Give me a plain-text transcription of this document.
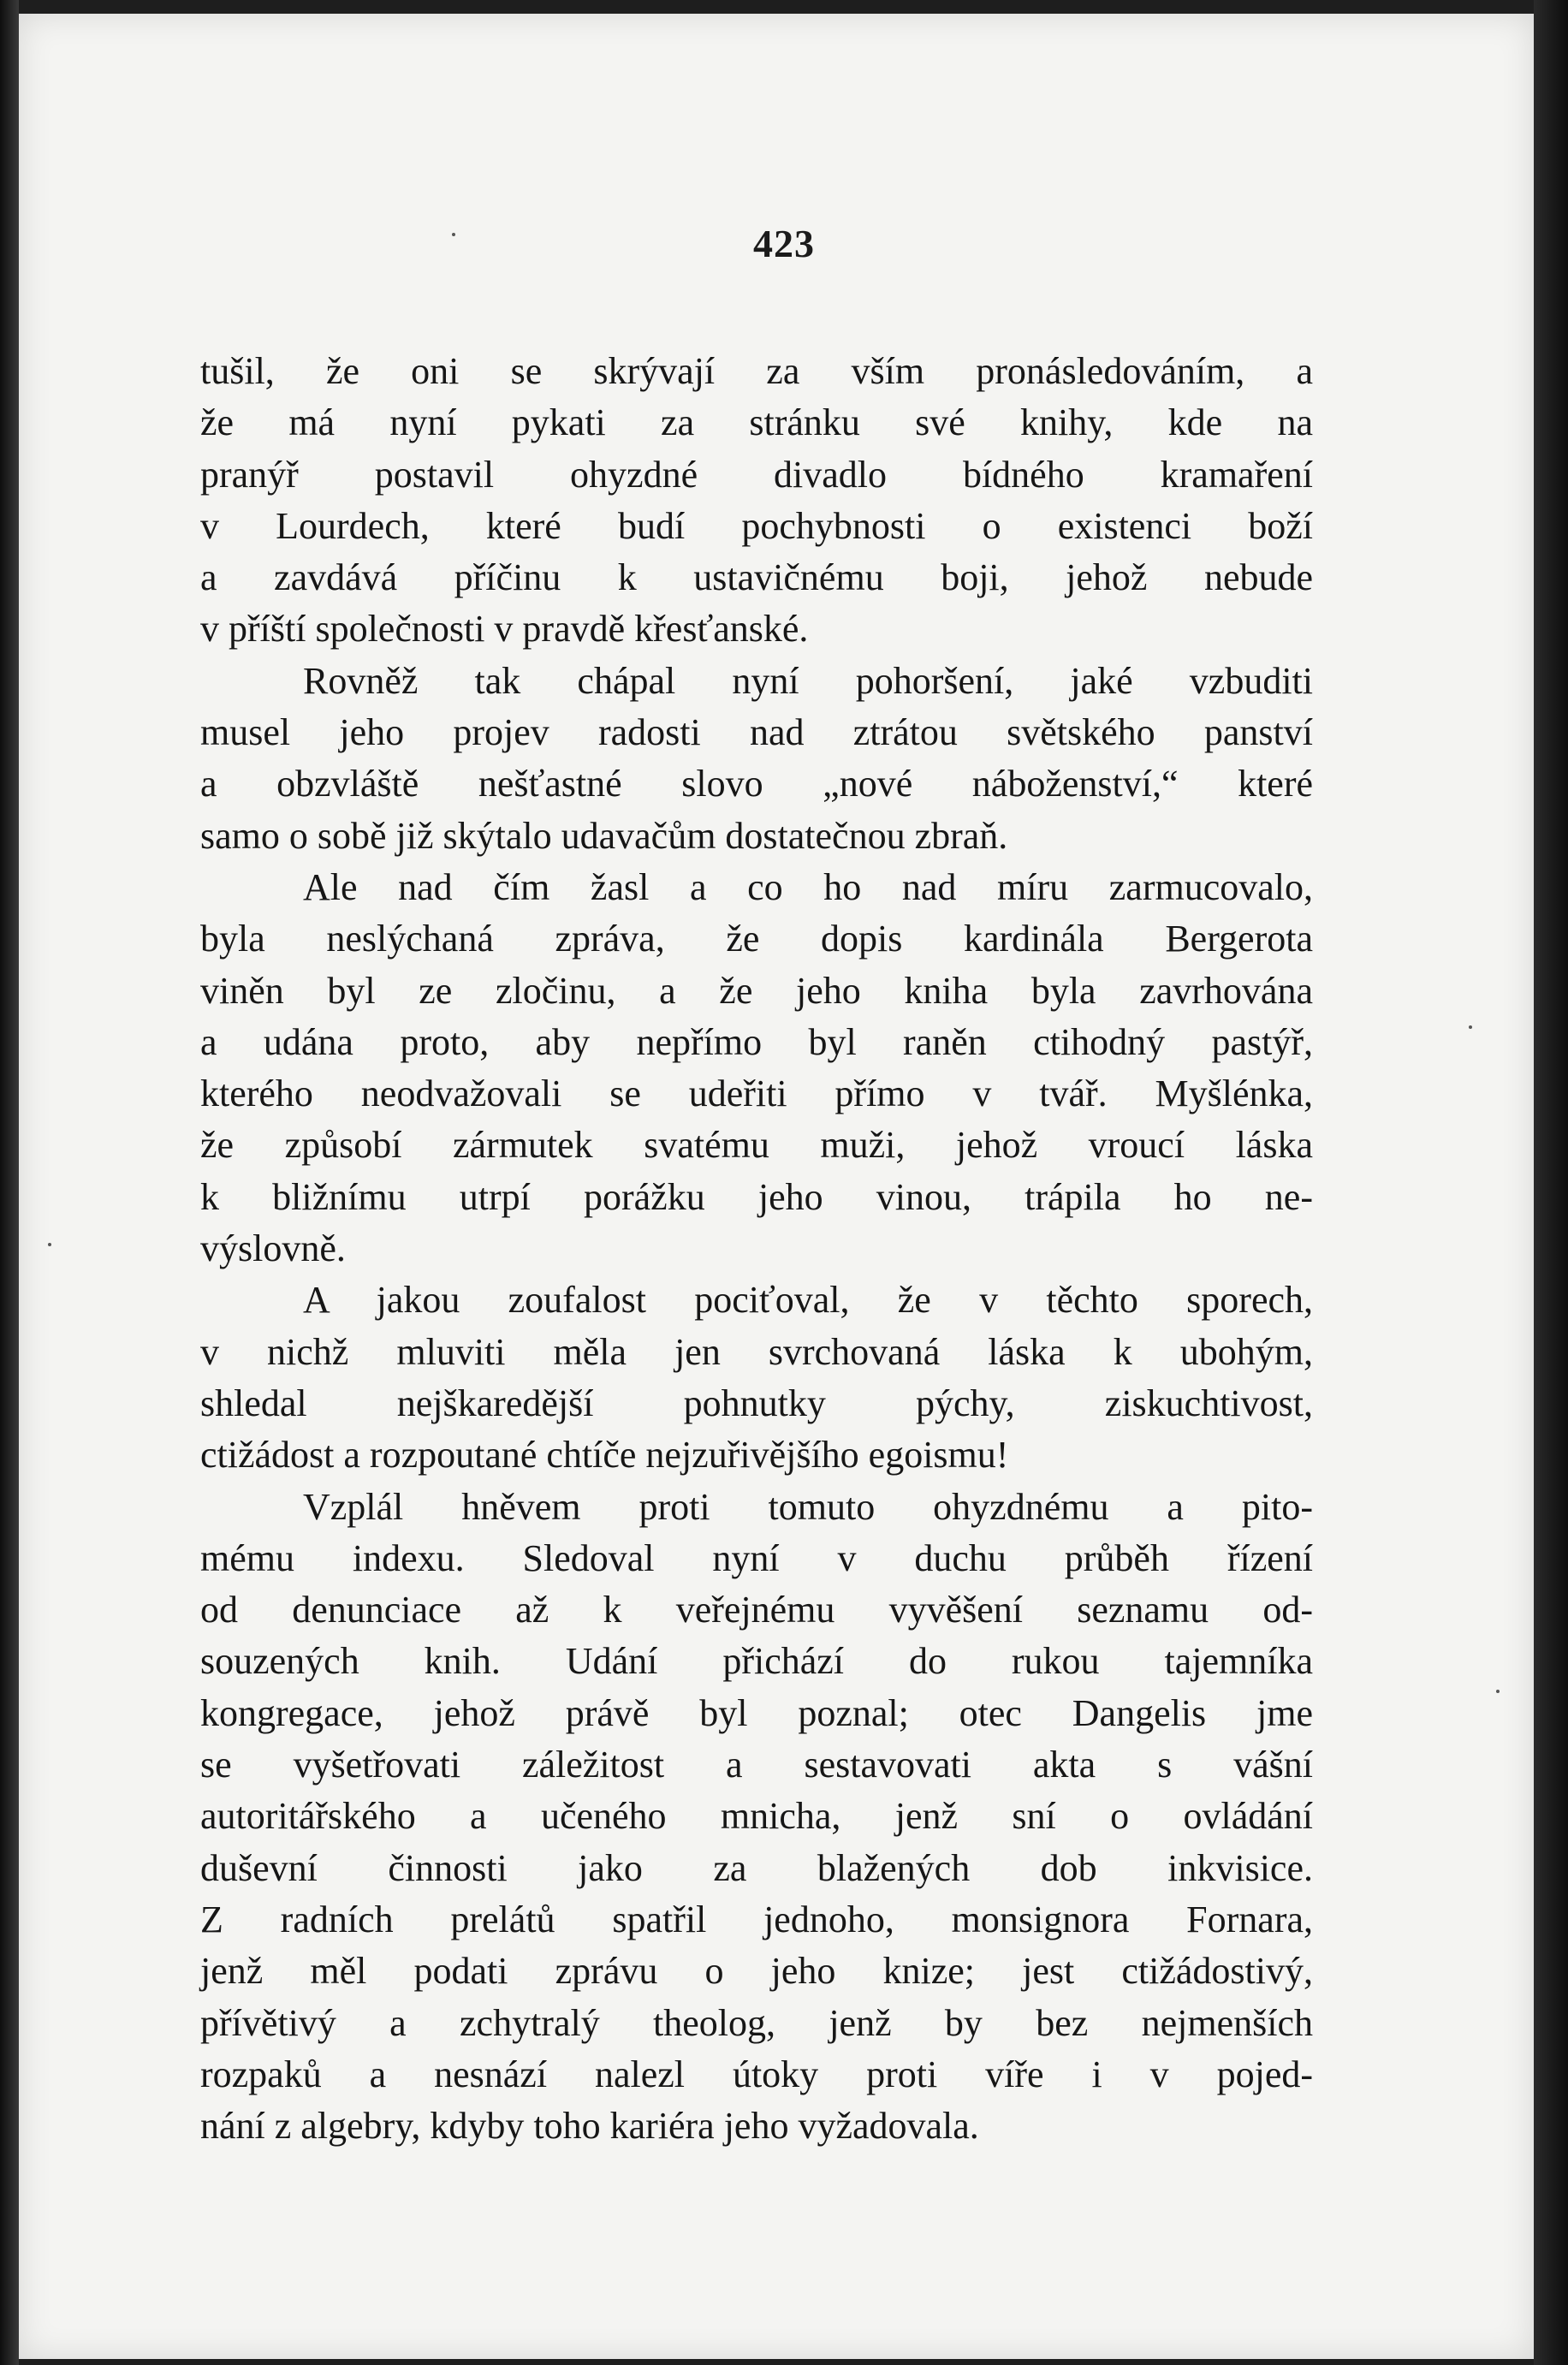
423
tušil, že oni se skrývají za vším pronásledováním, a
že má nyní pykati za stránku své knihy, kde na
pranýř postavil ohyzdné divadlo bídného kramaření
v Lourdech, které budí pochybnosti o existenci boží
a zavdává příčinu k ustavičnému boji, jehož nebude
v příští společnosti v pravdě křesťanské.
Rovněž tak chápal nyní pohoršení, jaké vzbuditi
musel jeho projev radosti nad ztrátou světského panství
a obzvláště nešťastné slovo „nové náboženství,“ které
samo o sobě již skýtalo udavačům dostatečnou zbraň.
Ale nad čím žasl a co ho nad míru zarmucovalo,
byla neslýchaná zpráva, že dopis kardinála Bergerota
viněn byl ze zločinu, a že jeho kniha byla zavrhována
a udána proto, aby nepřímo byl raněn ctihodný pastýř,
kterého neodvažovali se udeřiti přímo v tvář. Myšlénka,
že způsobí zármutek svatému muži, jehož vroucí láska
k bližnímu utrpí porážku jeho vinou, trápila ho ne-
výslovně.
A jakou zoufalost pociťoval, že v těchto sporech,
v nichž mluviti měla jen svrchovaná láska k ubohým,
shledal nejškaredější pohnutky pýchy, ziskuchtivost,
ctižádost a rozpoutané chtíče nejzuřivějšího egoismu!
Vzplál hněvem proti tomuto ohyzdnému a pito-
mému indexu. Sledoval nyní v duchu průběh řízení
od denunciace až k veřejnému vyvěšení seznamu od-
souzených knih. Udání přichází do rukou tajemníka
kongregace, jehož právě byl poznal; otec Dangelis jme
se vyšetřovati záležitost a sestavovati akta s vášní
autoritářského a učeného mnicha, jenž sní o ovládání
duševní činnosti jako za blažených dob inkvisice.
Z radních prelátů spatřil jednoho, monsignora Fornara,
jenž měl podati zprávu o jeho knize; jest ctižádostivý,
přívětivý a zchytralý theolog, jenž by bez nejmenších
rozpaků a nesnází nalezl útoky proti víře i v pojed-
nání z algebry, kdyby toho kariéra jeho vyžadovala.
